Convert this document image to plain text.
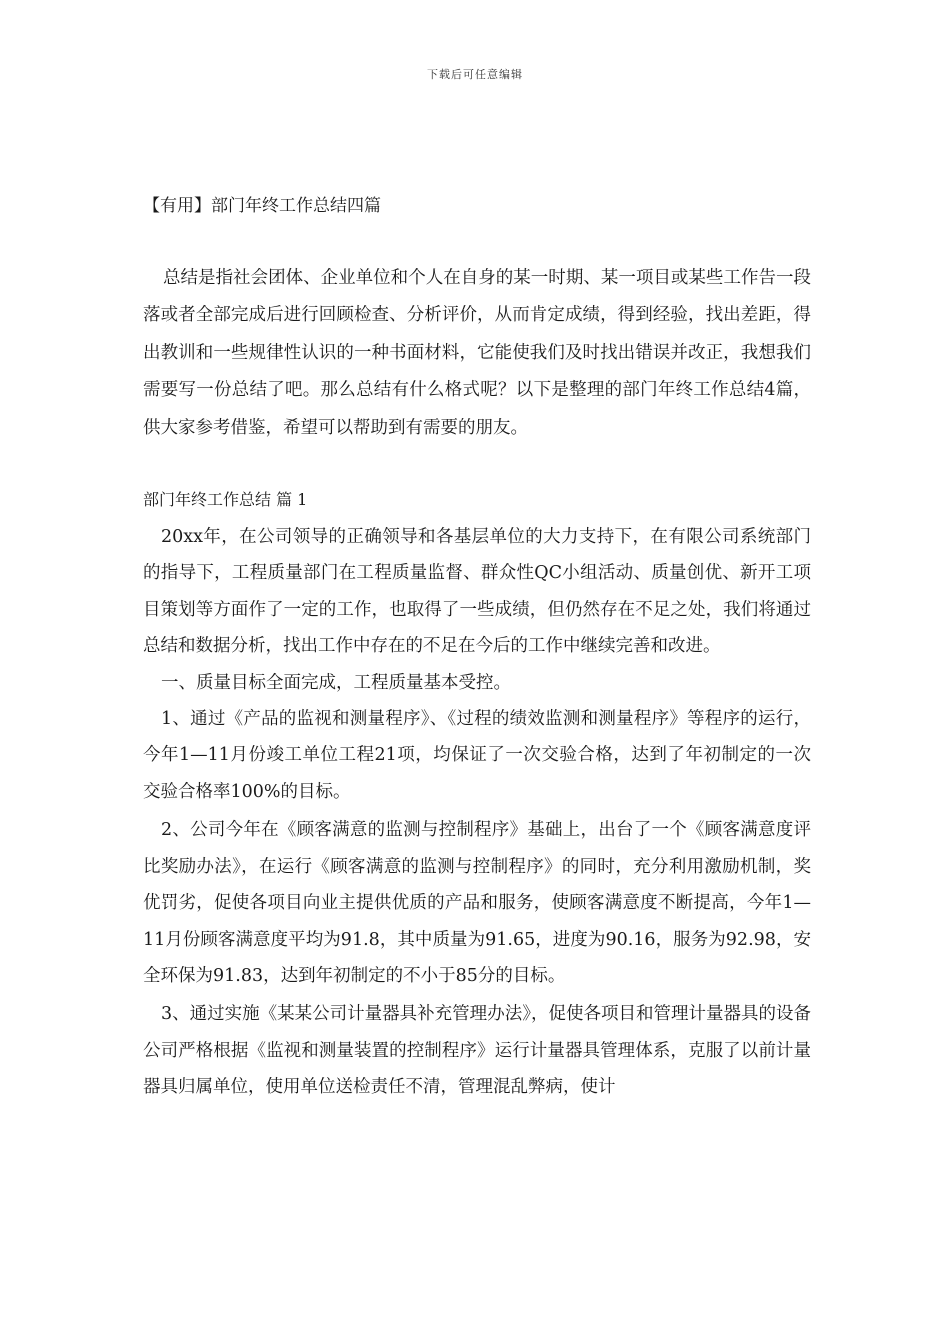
下载后可任意编辑
【有用】部门年终工作总结四篇

总结是指社会团体、企业单位和个人在自身的某一时期、某一项目或某些工作告一段落或者全部完成后进行回顾检查、分析评价，从而肯定成绩，得到经验，找出差距，得出教训和一些规律性认识的一种书面材料，它能使我们及时找出错误并改正，我想我们需要写一份总结了吧。那么总结有什么格式呢？以下是整理的部门年终工作总结4篇，供大家参考借鉴，希望可以帮助到有需要的朋友。

部门年终工作总结 篇 1

20xx年，在公司领导的正确领导和各基层单位的大力支持下，在有限公司系统部门的指导下，工程质量部门在工程质量监督、群众性QC小组活动、质量创优、新开工项目策划等方面作了一定的工作，也取得了一些成绩，但仍然存在不足之处，我们将通过总结和数据分析，找出工作中存在的不足在今后的工作中继续完善和改进。

一、质量目标全面完成，工程质量基本受控。

1、通过《产品的监视和测量程序》、《过程的绩效监测和测量程序》等程序的运行，今年1—11月份竣工单位工程21项，均保证了一次交验合格，达到了年初制定的一次交验合格率100%的目标。

2、公司今年在《顾客满意的监测与控制程序》基础上，出台了一个《顾客满意度评比奖励办法》，在运行《顾客满意的监测与控制程序》的同时，充分利用激励机制，奖优罚劣，促使各项目向业主提供优质的产品和服务，使顾客满意度不断提高，今年1—11月份顾客满意度平均为91.8，其中质量为91.65，进度为90.16，服务为92.98，安全环保为91.83，达到年初制定的不小于85分的目标。

3、通过实施《某某公司计量器具补充管理办法》，促使各项目和管理计量器具的设备公司严格根据《监视和测量装置的控制程序》运行计量器具管理体系，克服了以前计量器具归属单位，使用单位送检责任不清，管理混乱弊病，使计
